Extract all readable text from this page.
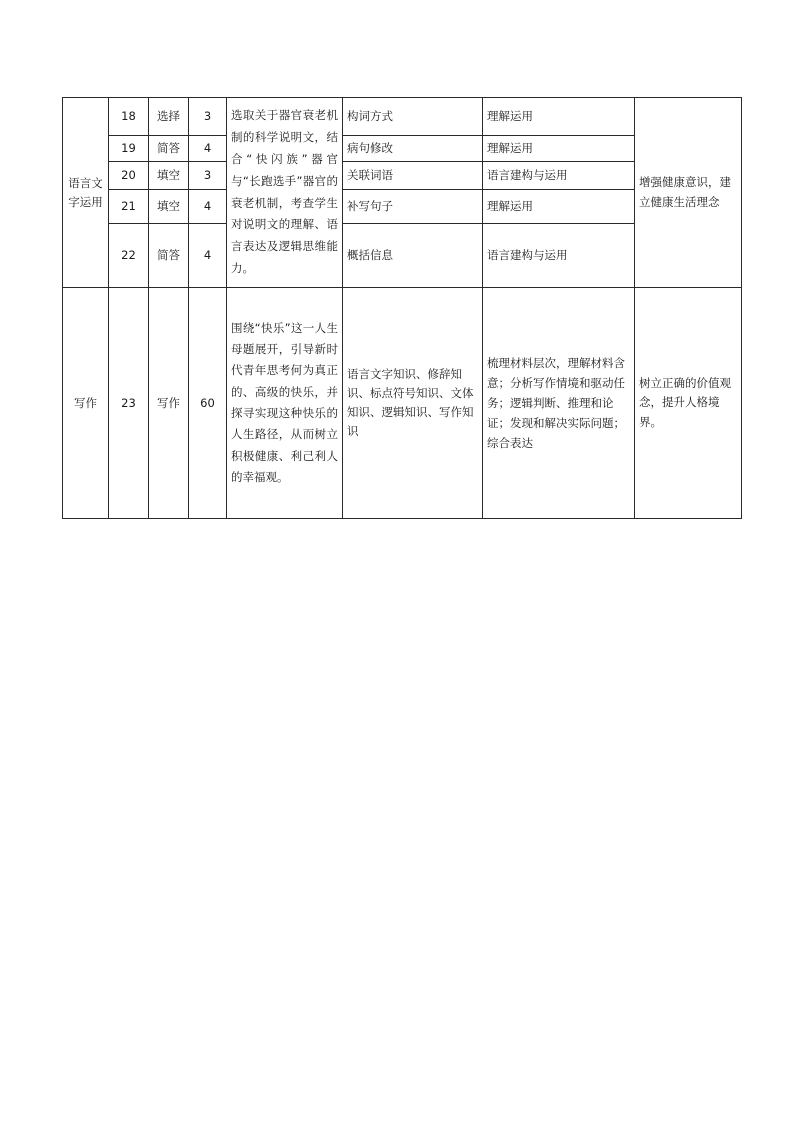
语言文字运用	18	选择	3	选取关于器官衰老机制的科学说明文，结合“快闪族”器官与“长跑选手”器官的衰老机制，考查学生对说明文的理解、语言表达及逻辑思维能力。	构词方式	理解运用	增强健康意识，建立健康生活理念
	19	简答	4		病句修改	理解运用	
	20	填空	3		关联词语	语言建构与运用	
	21	填空	4		补写句子	理解运用	
	22	简答	4		概括信息	语言建构与运用	
写作	23	写作	60	围绕“快乐”这一人生母题展开，引导新时代青年思考何为真正的、高级的快乐，并探寻实现这种快乐的人生路径，从而树立积极健康、利己利人的幸福观。	语言文字知识、修辞知识、标点符号知识、文体知识、逻辑知识、写作知识	梳理材料层次，理解材料含意；分析写作情境和驱动任务；逻辑判断、推理和论证；发现和解决实际问题；综合表达	树立正确的价值观念，提升人格境界。
